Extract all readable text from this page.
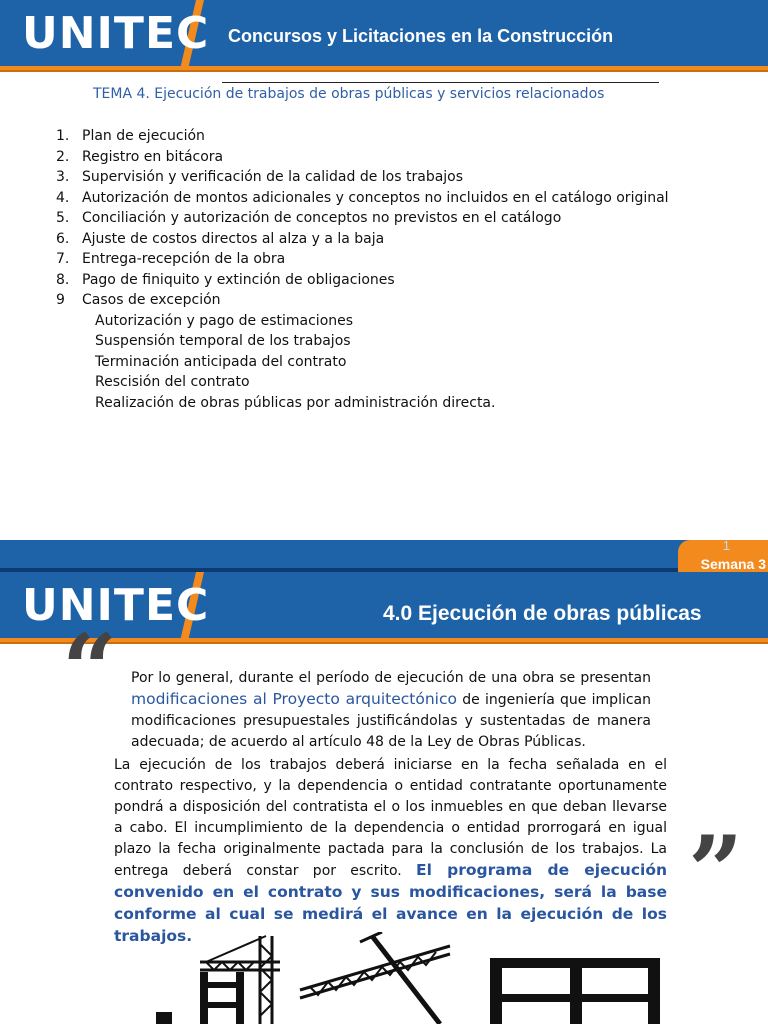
UNITEC Concursos y Licitaciones en la Construcción
TEMA 4. Ejecución de trabajos de obras públicas y servicios relacionados
1. Plan de ejecución
2. Registro en bitácora
3. Supervisión y verificación de la calidad de los trabajos
4. Autorización de montos adicionales y conceptos no incluidos en el catálogo original
5. Conciliación y autorización de conceptos no previstos en el catálogo
6. Ajuste de costos directos al alza y a la baja
7. Entrega-recepción de la obra
8. Pago de finiquito y extinción de obligaciones
9 Casos de excepción
Autorización y pago de estimaciones
Suspensión temporal de los trabajos
Terminación anticipada del contrato
Rescisión del contrato
Realización de obras públicas por administración directa.
1
Semana 3
UNITEC	4.0 Ejecución de obras públicas
“ Por lo general, durante el período de ejecución de una obra se presentan modificaciones al Proyecto arquitectónico de ingeniería que implican modificaciones presupuestales justificándolas y sustentadas de manera adecuada; de acuerdo al artículo 48 de la Ley de Obras Públicas.

La ejecución de los trabajos deberá iniciarse en la fecha señalada en el contrato respectivo, y la dependencia o entidad contratante oportunamente pondrá a disposición del contratista el o los inmuebles en que deban llevarse a cabo. El incumplimiento de la dependencia o entidad prorrogará en igual plazo la fecha originalmente pactada para la conclusión de los trabajos. La entrega deberá constar por escrito. El programa de ejecución convenido en el contrato y sus modificaciones, será la base conforme al cual se medirá el avance en la ejecución de los trabajos.

”
